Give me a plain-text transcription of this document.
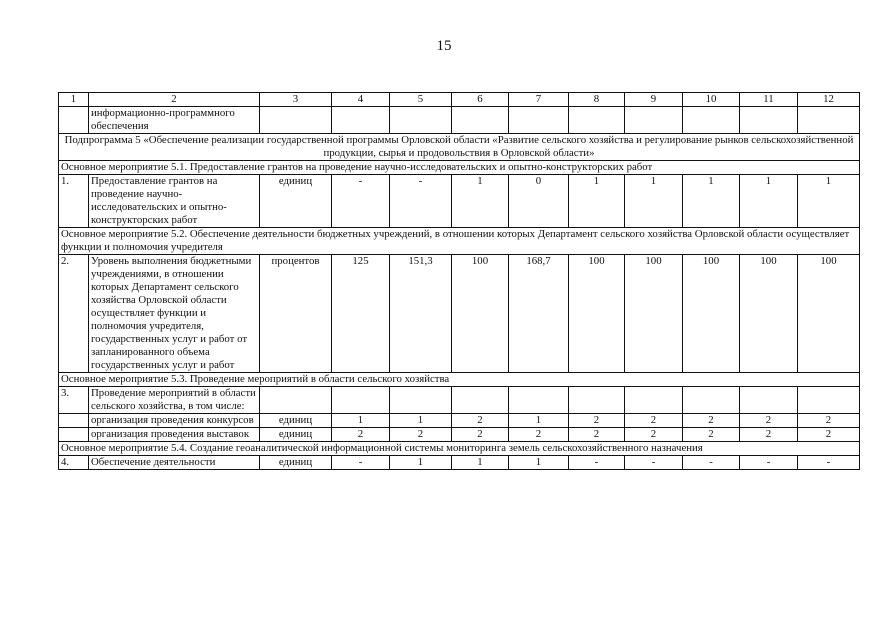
15
1	2	3	4	5	6	7	8	9	10	11	12
	информационно-программного обеспечения										
Подпрограмма 5 «Обеспечение реализации государственной программы Орловской области «Развитие сельского хозяйства и регулирование рынков сельскохозяйственной продукции, сырья и продовольствия в Орловской области»											
Основное мероприятие 5.1. Предоставление грантов на проведение научно-исследовательских и опытно-конструкторских работ											
1.	Предоставление грантов на проведение научно-исследовательских и опытно-конструкторских работ	единиц	-	-	1	0	1	1	1	1	1
Основное мероприятие 5.2. Обеспечение деятельности бюджетных учреждений, в отношении которых Департамент сельского хозяйства Орловской области осуществляет функции и полномочия учредителя											
2.	Уровень выполнения бюджетными учреждениями, в отношении которых Департамент сельского хозяйства Орловской области осуществляет функции и полномочия учредителя, государственных услуг и работ от запланированного объема государственных услуг и работ	процентов	125	151,3	100	168,7	100	100	100	100	100
Основное мероприятие 5.3. Проведение мероприятий в области сельского хозяйства											
3.	Проведение мероприятий в области сельского хозяйства, в том числе:										
	организация проведения конкурсов	единиц	1	1	2	1	2	2	2	2	2
	организация проведения выставок	единиц	2	2	2	2	2	2	2	2	2
Основное мероприятие 5.4. Создание геоаналитической информационной системы мониторинга земель сельскохозяйственного назначения											
4.	Обеспечение деятельности	единиц	-	1	1	1	-	-	-	-	-
